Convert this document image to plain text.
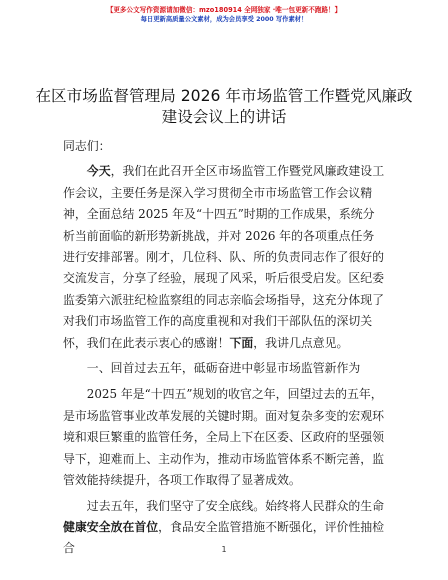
【更多公文写作资源请加微信：mzo180914 全网独家 ·唯一包更新不跑路！】
每日更新高质量公文素材，成为会员享受 2000 写作素材！
在区市场监督管理局 2026 年市场监管工作暨党风廉政建设会议上的讲话

同志们：

今天，我们在此召开全区市场监管工作暨党风廉政建设工作会议，主要任务是深入学习贯彻全市市场监管工作会议精神，全面总结 2025 年及“十四五”时期的工作成果，系统分析当前面临的新形势新挑战，并对 2026 年的各项重点任务进行安排部署。刚才，几位科、队、所的负责同志作了很好的交流发言，分享了经验，展现了风采，听后很受启发。区纪委监委第六派驻纪检监察组的同志亲临会场指导，这充分体现了对我们市场监管工作的高度重视和对我们干部队伍的深切关怀，我们在此表示衷心的感谢！下面，我讲几点意见。

一、回首过去五年，砥砺奋进中彰显市场监管新作为

2025 年是“十四五”规划的收官之年，回望过去的五年，是市场监管事业改革发展的关键时期。面对复杂多变的宏观环境和艰巨繁重的监管任务，全局上下在区委、区政府的坚强领导下，迎难而上、主动作为，推动市场监管体系不断完善，监管效能持续提升，各项工作取得了显著成效。

过去五年，我们坚守了安全底线。始终将人民群众的生命健康安全放在首位，食品安全监管措施不断强化，评价性抽检合	1
